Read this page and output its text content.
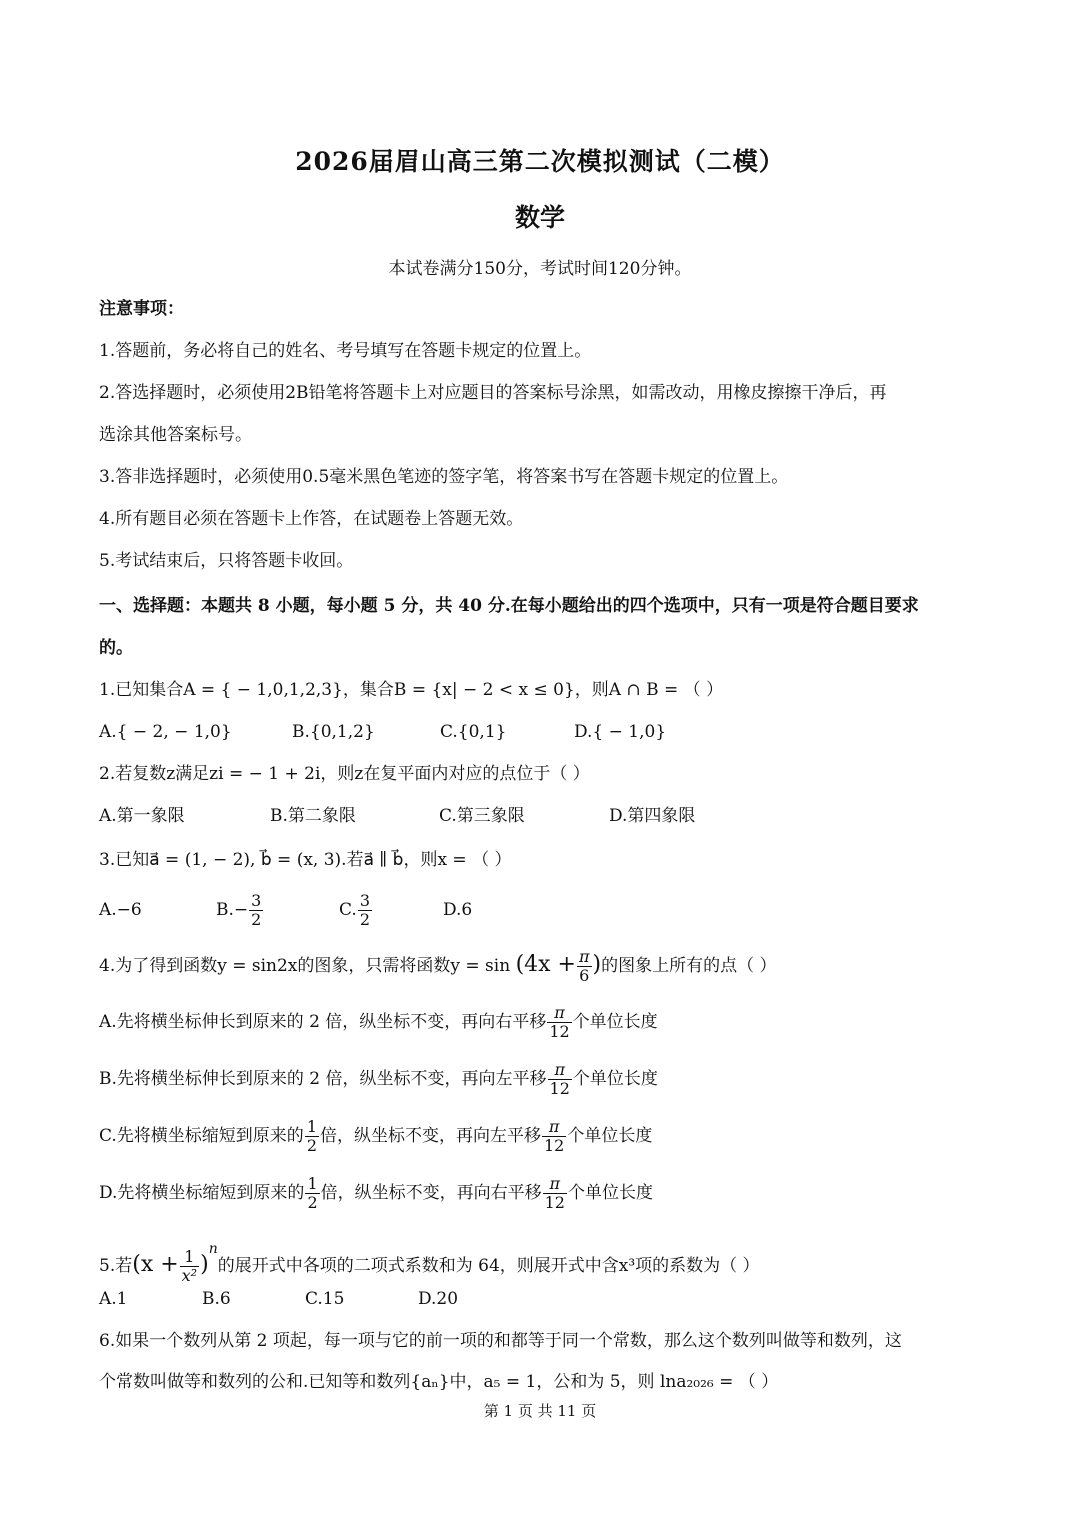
2026届眉山高三第二次模拟测试（二模）
数学
本试卷满分150分，考试时间120分钟。
注意事项：
1.答题前，务必将自己的姓名、考号填写在答题卡规定的位置上。
2.答选择题时，必须使用2B铅笔将答题卡上对应题目的答案标号涂黑，如需改动，用橡皮擦擦干净后，再
选涂其他答案标号。
3.答非选择题时，必须使用0.5毫米黑色笔迹的签字笔，将答案书写在答题卡规定的位置上。
4.所有题目必须在答题卡上作答，在试题卷上答题无效。
5.考试结束后，只将答题卡收回。
一、选择题：本题共 8 小题，每小题 5 分，共 40 分.在每小题给出的四个选项中，只有一项是符合题目要求
的。
1.已知集合A = { − 1,0,1,2,3}，集合B = {x| − 2 < x ≤ 0}，则A ∩ B = （ ）
A.{ − 2, − 1,0}	B.{0,1,2}	C.{0,1}	D.{ − 1,0}
2.若复数z满足zi = − 1 + 2i，则z在复平面内对应的点位于（ ）
A.第一象限	B.第二象限	C.第三象限	D.第四象限
3.已知a⃗ = (1, − 2), b⃗ = (x, 3).若a⃗ ∥ b⃗，则x = （ ）
A.−6	$B.- \frac{3}{2}$	C. $\frac{3}{2}$	D.6
4.为了得到函数y = sin2x的图象，只需将函数$y = \sin (4x + \frac{\pi}{6}$ )的图象上所有的点（ ）
A.先将横坐标伸长到原来的 2 倍，纵坐标不变，再向右平移 $\frac{\pi}{12}$ 个单位长度
B.先将横坐标伸长到原来的 2 倍，纵坐标不变，再向左平移 $\frac{\pi}{12}$ 个单位长度
C.先将横坐标缩短到原来的 $\frac{1}{2}$ 倍，纵坐标不变，再向左平移 $\frac{\pi}{12}$ 个单位长度
D.先将横坐标缩短到原来的 $\frac{1}{2}$ 倍，纵坐标不变，再向右平移 $\frac{\pi}{12}$ 个单位长度
5.若$(x + \frac{1}{\text{x²}} )^n$的展开式中各项的二项式系数和为 64，则展开式中含x³项的系数为（ ）
A.1	B.6	C.15	D.20
6.如果一个数列从第 2 项起，每一项与它的前一项的和都等于同一个常数，那么这个数列叫做等和数列，这
个常数叫做等和数列的公和.已知等和数列{aₙ}中，a₅ = 1，公和为 5，则 lna₂₀₂₆ = （ ）
第 1 页 共 11 页
